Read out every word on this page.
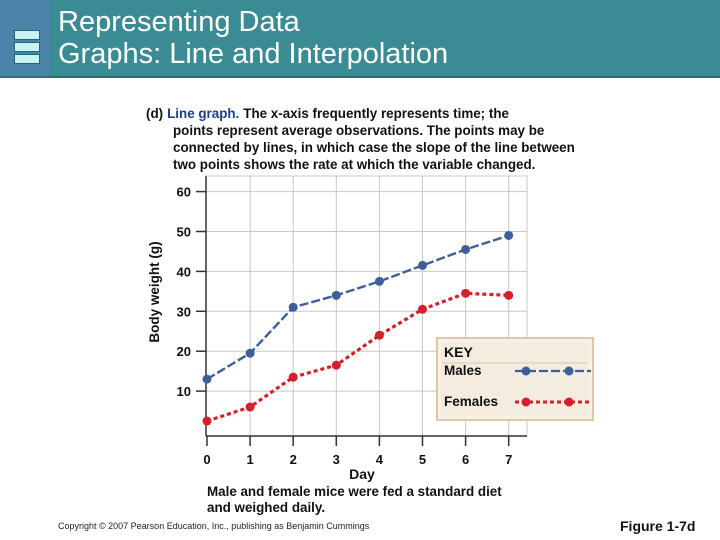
Representing Data
Graphs: Line and Interpolation
(d) Line graph. The x-axis frequently represents time; the
points represent average observations. The points may be
connected by lines, in which case the slope of the line between
two points shows the rate at which the variable changed.
10
20
30
40
50
60
0	1	2	3	4	5	6	7
KEY
Males
Females
Day
Body weight (g)
Male and female mice were fed a standard diet
and weighed daily.
Copyright © 2007 Pearson Education, Inc., publishing as Benjamin Cummings	Figure 1-7d
